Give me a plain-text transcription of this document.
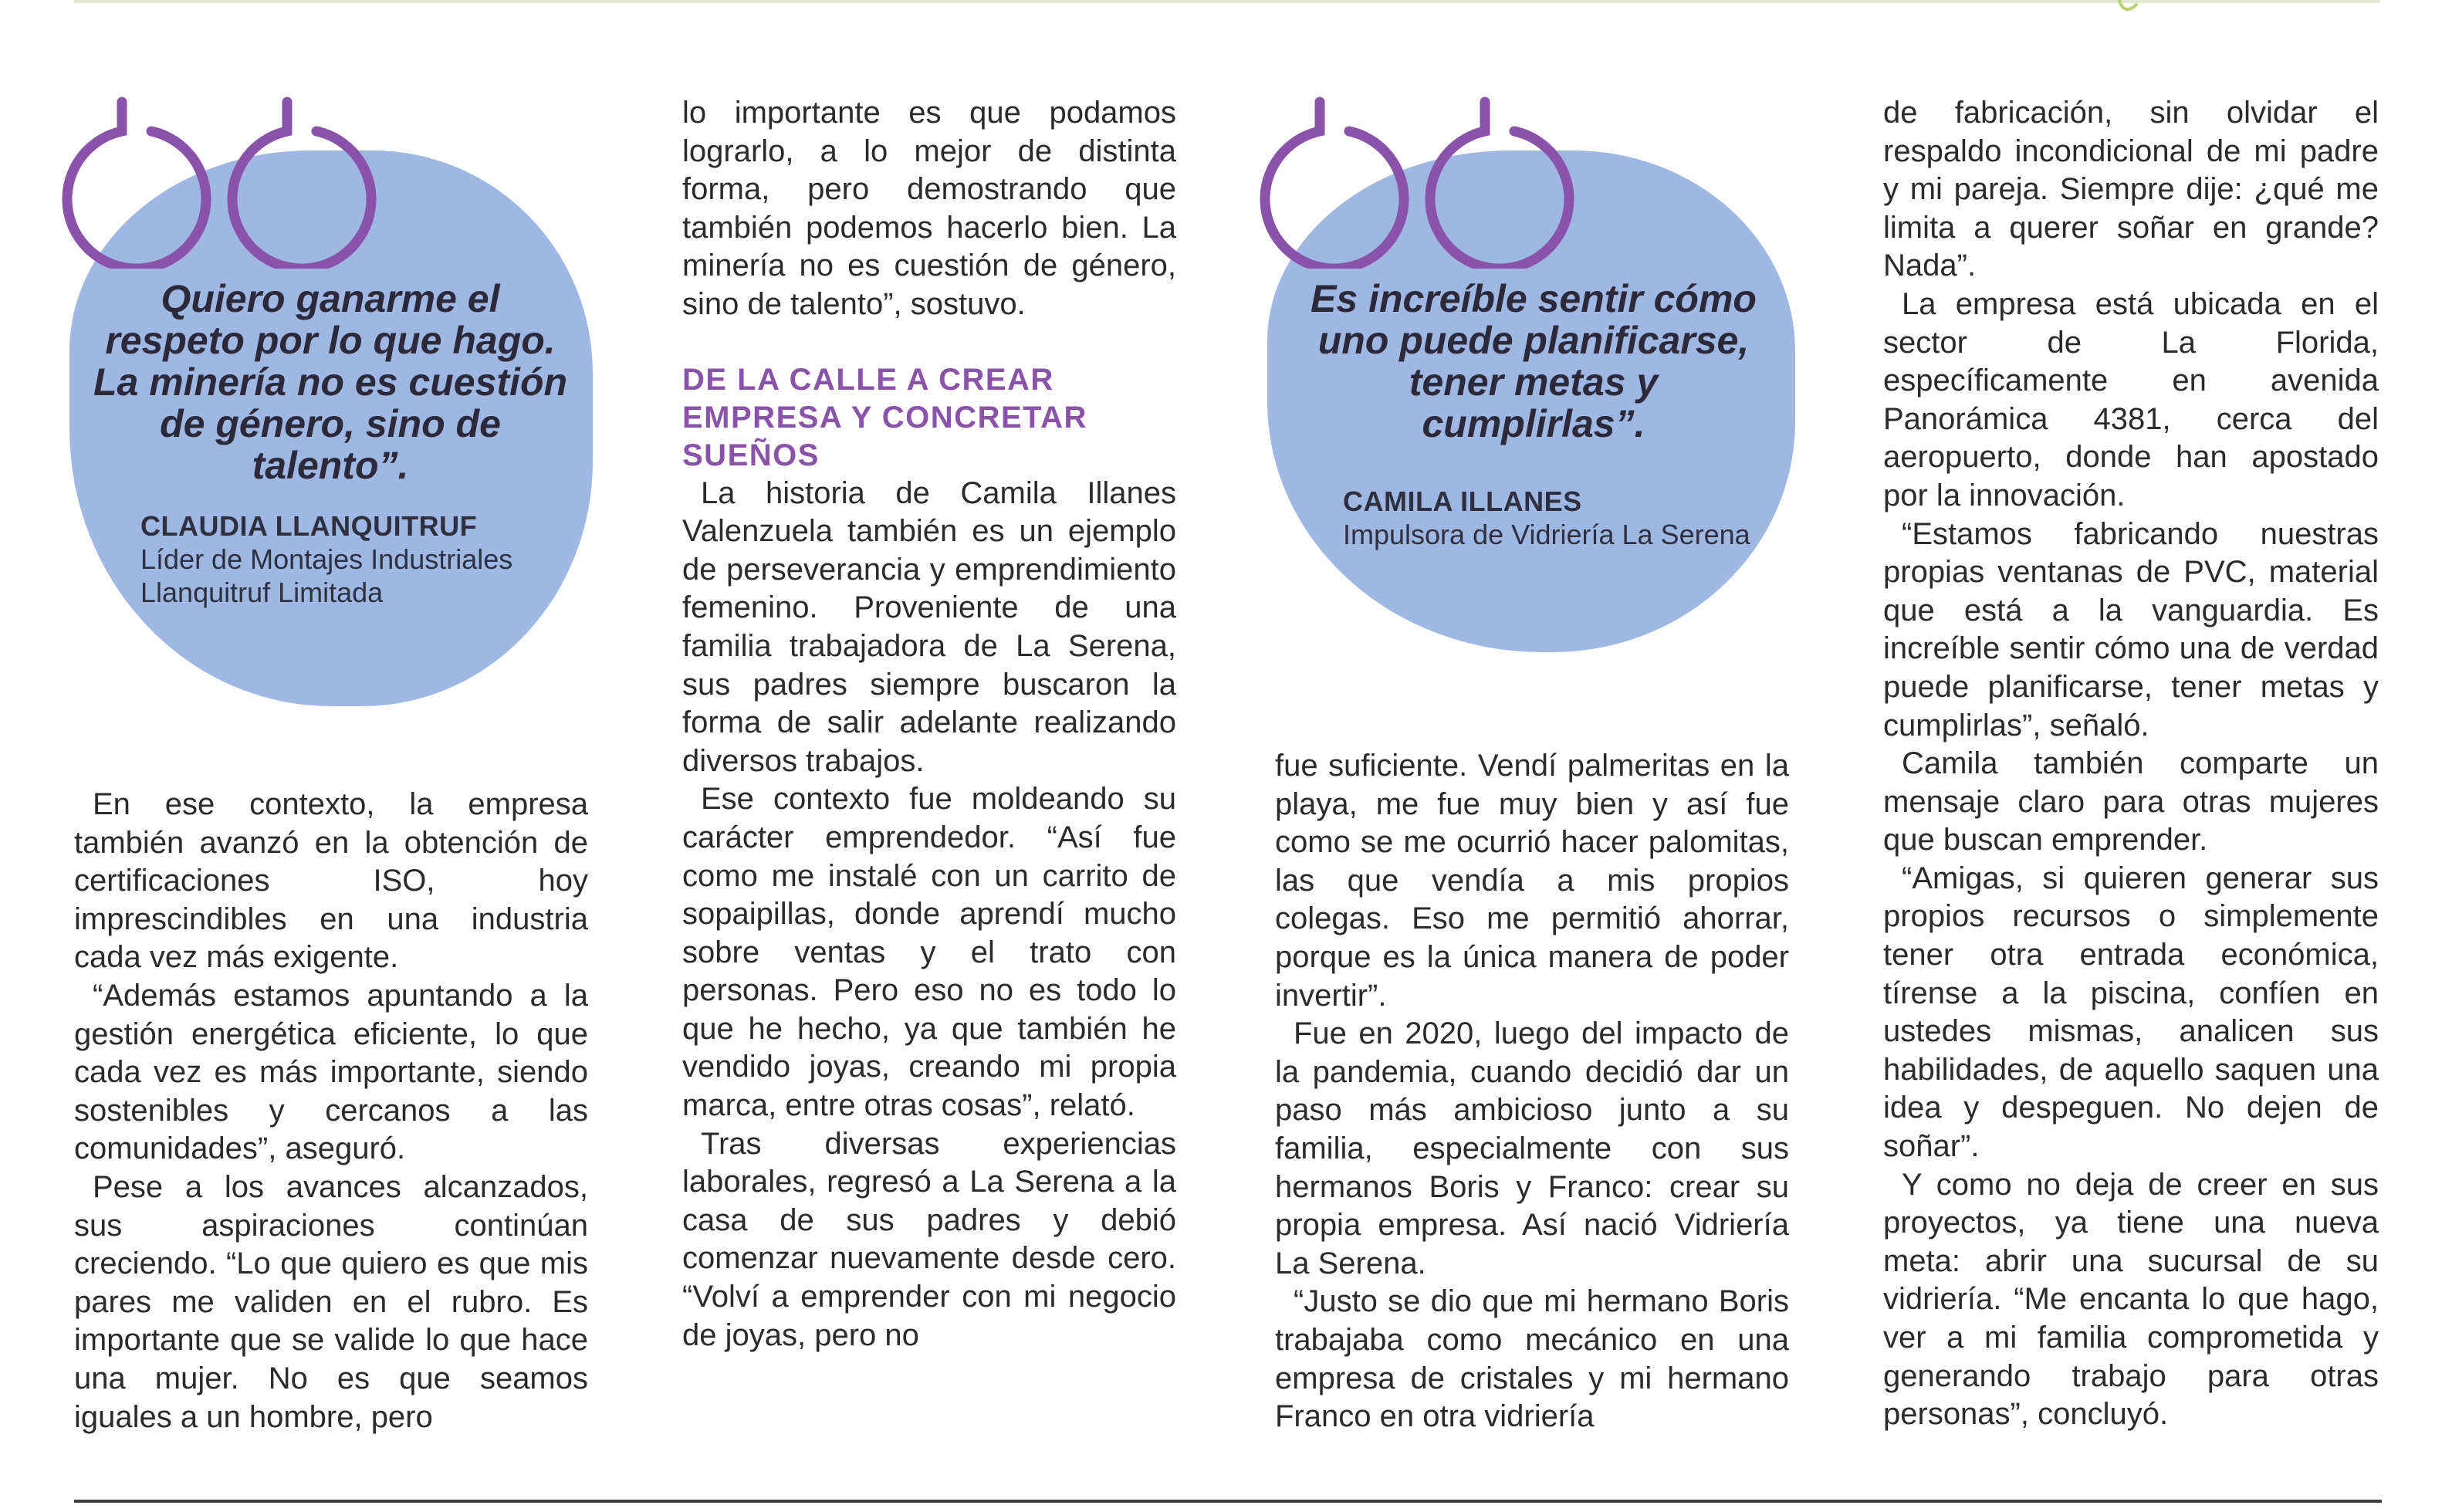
Quiero ganarme el respeto por lo que hago. La minería no es cuestión de género, sino de talento”.
CLAUDIA LLANQUITRUF
Líder de Montajes Industriales Llanquitruf Limitada
Es increíble sentir cómo uno puede planificarse, tener metas y cumplirlas”.
CAMILA ILLANES
Impulsora de Vidriería La Serena

En ese contexto, la empresa también avanzó en la obtención de certificaciones ISO, hoy imprescindibles en una industria cada vez más exigente.

“Además estamos apuntando a la gestión energética eficiente, lo que cada vez es más importante, siendo sostenibles y cercanos a las comunidades”, aseguró.

Pese a los avances alcanzados, sus aspiraciones continúan creciendo. “Lo que quiero es que mis pares me validen en el rubro. Es importante que se valide lo que hace una mujer. No es que seamos iguales a un hombre, pero

lo importante es que podamos lograrlo, a lo mejor de distinta forma, pero demostrando que también podemos hacerlo bien. La minería no es cuestión de género, sino de talento”, sostuvo.

DE LA CALLE A CREAR EMPRESA Y CONCRETAR SUEÑOS

La historia de Camila Illanes Valenzuela también es un ejemplo de perseverancia y emprendimiento femenino. Proveniente de una familia trabajadora de La Serena, sus padres siempre buscaron la forma de salir adelante realizando diversos trabajos.

Ese contexto fue moldeando su carácter emprendedor. “Así fue como me instalé con un carrito de sopaipillas, donde aprendí mucho sobre ventas y el trato con personas. Pero eso no es todo lo que he hecho, ya que también he vendido joyas, creando mi propia marca, entre otras cosas”, relató.

Tras diversas experiencias laborales, regresó a La Serena a la casa de sus padres y debió comenzar nuevamente desde cero. “Volví a emprender con mi negocio de joyas, pero no

fue suficiente. Vendí palmeritas en la playa, me fue muy bien y así fue como se me ocurrió hacer palomitas, las que vendía a mis propios colegas. Eso me permitió ahorrar, porque es la única manera de poder invertir”.

Fue en 2020, luego del impacto de la pandemia, cuando decidió dar un paso más ambicioso junto a su familia, especialmente con sus hermanos Boris y Franco: crear su propia empresa. Así nació Vidriería La Serena.

“Justo se dio que mi hermano Boris trabajaba como mecánico en una empresa de cristales y mi hermano Franco en otra vidriería

de fabricación, sin olvidar el respaldo incondicional de mi padre y mi pareja. Siempre dije: ¿qué me limita a querer soñar en grande? Nada”.

La empresa está ubicada en el sector de La Florida, específicamente en avenida Panorámica 4381, cerca del aeropuerto, donde han apostado por la innovación.

“Estamos fabricando nuestras propias ventanas de PVC, material que está a la vanguardia. Es increíble sentir cómo una de verdad puede planificarse, tener metas y cumplirlas”, señaló.

Camila también comparte un mensaje claro para otras mujeres que buscan emprender.

“Amigas, si quieren generar sus propios recursos o simplemente tener otra entrada económica, tírense a la piscina, confíen en ustedes mismas, analicen sus habilidades, de aquello saquen una idea y despeguen. No dejen de soñar”.

Y como no deja de creer en sus proyectos, ya tiene una nueva meta: abrir una sucursal de su vidriería. “Me encanta lo que hago, ver a mi familia comprometida y generando trabajo para otras personas”, concluyó.
